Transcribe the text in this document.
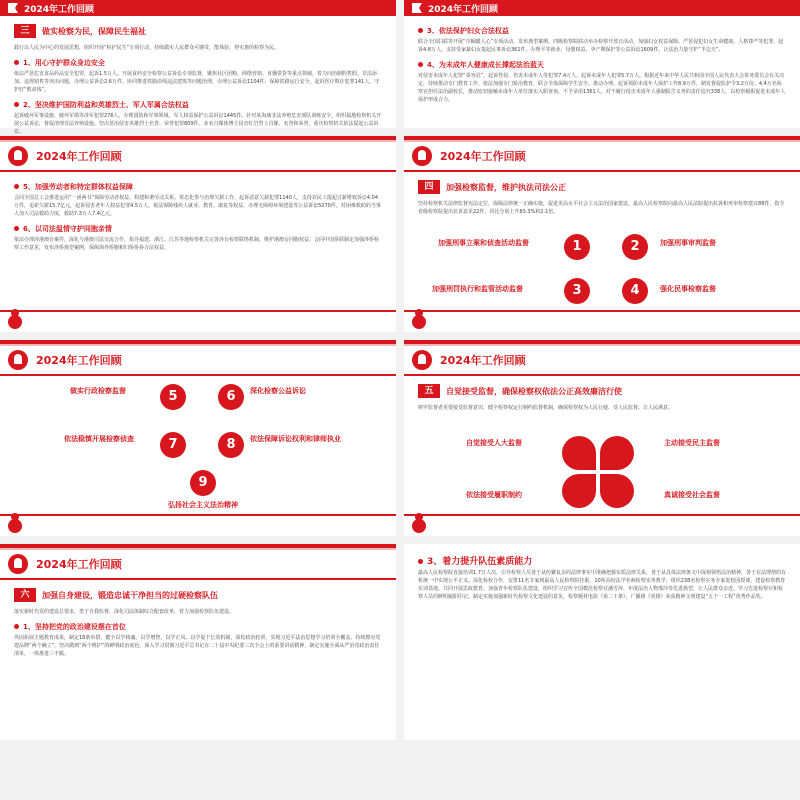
2024年工作回顾
三	做实检察为民，保障民生福祉
践行以人民为中心的发展思想，组织开展“检护民生”专项行动，持续做实人民群众可感受、能体验、得实惠的检察为民。
1、用心守护群众身边安全
依法严惩危害食品药品安全犯罪，起诉1.5万人。开展食药安全检察公益诉讼专项监督，聚焦社区团购、网络营销、直播带货等重点领域，着力向治制假售假、非法添加、违规销售等突出问题，办理公益诉讼2.6万件。协同推进铁路沿线违法建筑等问题治理，办理公益诉讼1104件，保障铁路运行安全。起诉医疗欺诈犯罪141人，守护好“救命钱”。
2、坚决维护国防利益和英雄烈士、军人军属合法权益
起诉破坏军事设施、破坏军婚等涉军犯罪276人，办理国防和军事领域、军人权益保护公益诉讼1445件。针对某海域非法养殖危害部队训练安全，组织属地检察机关开展公益诉讼，督促清理非法养殖设施。坚决惩治侵害英雄烈士名誉、荣誉犯罪809件。多名自媒体博主侵害红岩烈士肖像、名誉和荣誉，重庆检察机关依法提起公益诉讼。
2024年工作回顾
3、依法保护妇女合法权益
联合全国妇联等开展“巾帼暖人心”专项活动，发布典型案例。四级检察院联动举办检察开放日活动，加强妇女权益保障。严惩侵犯妇女生命健康、人格尊严等犯罪，起诉4.8万人。支持受家暴妇女提起民事诉讼361件，办理平等就业、母婴权益、孕产期保护等公益诉讼1609件，让法治力量守护“半边天”。
4、为未成年人健康成长撑起法治蓝天
对侵害未成年人犯罪“零容忍”，起诉性侵、伤害未成年人等犯罪7.4万人。起诉未成年人犯罪5.7万人，根据近年来中华人民共和国全国人民代表大会常务委员会有关决定，持续推动专门教育工作，依法加强专门矫治教育，联合全体保障学生安全。推动办理、起诉预防未成年人保护工作8.9万件，制发督促监护令3.2万份。4.4万名检察官担任法治副校长，推动密切接触未成年人单位落实入职查询，不予录用1361人，对不履行侵害未成年人强制报告义务的责任追究338人，以检察履职促进未成年人保护形成合力。
2024年工作回顾
5、加强劳动者和特定群体权益保障
会同全国总工会推进运用“一函两书”保障劳动者权益，构建和谐劳动关系。常态化参与治理欠薪工作，起诉恶意欠薪犯罪1140人，支持农民工提起讨薪维权诉讼4.04万件，追索欠薪15.7亿元。起诉侵害老年人权益犯罪4.5万人，依法保障残疾人就业、教育、康复等权益，办理无障碍环境建设等公益诉讼5270件。对困难救助的当事人加大司法救助力度，救助7.3万人7.4亿元。
6、以司法温情守护同胞亲情
依法办理涉港澳台案件，深化与港澳司法交流合作，指导福建、浙江、江苏等地检察机关完善涉台检察联络机制，维护港澳台同胞权益。会同中国侨联制定加强涉侨检察工作意见，发布涉侨典型案例，保障海外侨胞和归侨侨眷合法权益。
2024年工作回顾
四	加强检察监督，维护执法司法公正
坚持检察机关法律监督宪法定位，保障法律统一正确实施，促进更高水平社会主义法治国家建设。最高人民检察院向最高人民法院提出抗诉和再审检察建议88件，指令省级检察院提出抗诉意见22件，同比分别上升83.3%和2.1倍。
加强刑事立案和侦查活动监督	1	2	加强刑事审判监督
加强刑罚执行和监管活动监督	3	4	强化民事检察监督
2024年工作回顾
做实行政检察监督	5	6	深化检察公益诉讼
依法稳慎开展检察侦查	7	8	依法保障诉讼权利和律师执业
9
弘扬社会主义法治精神
2024年工作回顾
五	自觉接受监督，确保检察权依法公正高效廉洁行使
树牢监督者更要接受监督意识，健全检察权运行制约监督机制，确保检察权为人民行使、受人民监督、让人民满意。
自觉接受人大监督	主动接受民主监督
依法接受履职制约	真诚接受社会监督
2024年工作回顾
六	加强自身建设，锻造忠诚干净担当的过硬检察队伍
落实新时代党的建设总要求，勇于自我监督，深化司法体制综合配套改革，着力加强检察队伍建设。
1、坚持把党的政治建设摆在首位
巩固拓展主题教育成果，制定18条举措，健全以学铸魂、以学增智、以学正风、以学促干长效机制。深化政治轮训，实现习近平法治思想学习培训全覆盖。持续擦亮党建品牌“两个确立”，坚决做到“两个维护”的鲜明政治底色。深入学习贯彻习近平总书记在二十届中央纪委三次全会上的重要讲话精神，制定实施全面从严治党政治责任清单，一体推进三不腐。
3、着力提升队伍素质能力
最高人民检察院直接培训1.7万人次，引导检察人员善于从纷繁复杂的法律事实中准确把握实质法律关系，善于从具体法律条文中深刻领悟法治精神，善于在法理情的有机统一中实现公平正义。深化检校合作，安排11名专家到最高人民检察院挂职，10所高校法学名师检察实务教学。组织238名检察实务专家进校园授课，建设检察教育实训基地。共同开展思政教育，加强青年检察队伍建设，组织学习宣传全国模范检察官潘雪萍、年度法治人物邢玲等先进典型，让人民群众亲近、学习先进检察官和检察人员的鲜明履职印记。制定实施加强新时代检察文化建设的意见，检察题材电影《第二十条》、广播剧《喜剧》荣获精神文明建设“五个一工程”优秀作品奖。
